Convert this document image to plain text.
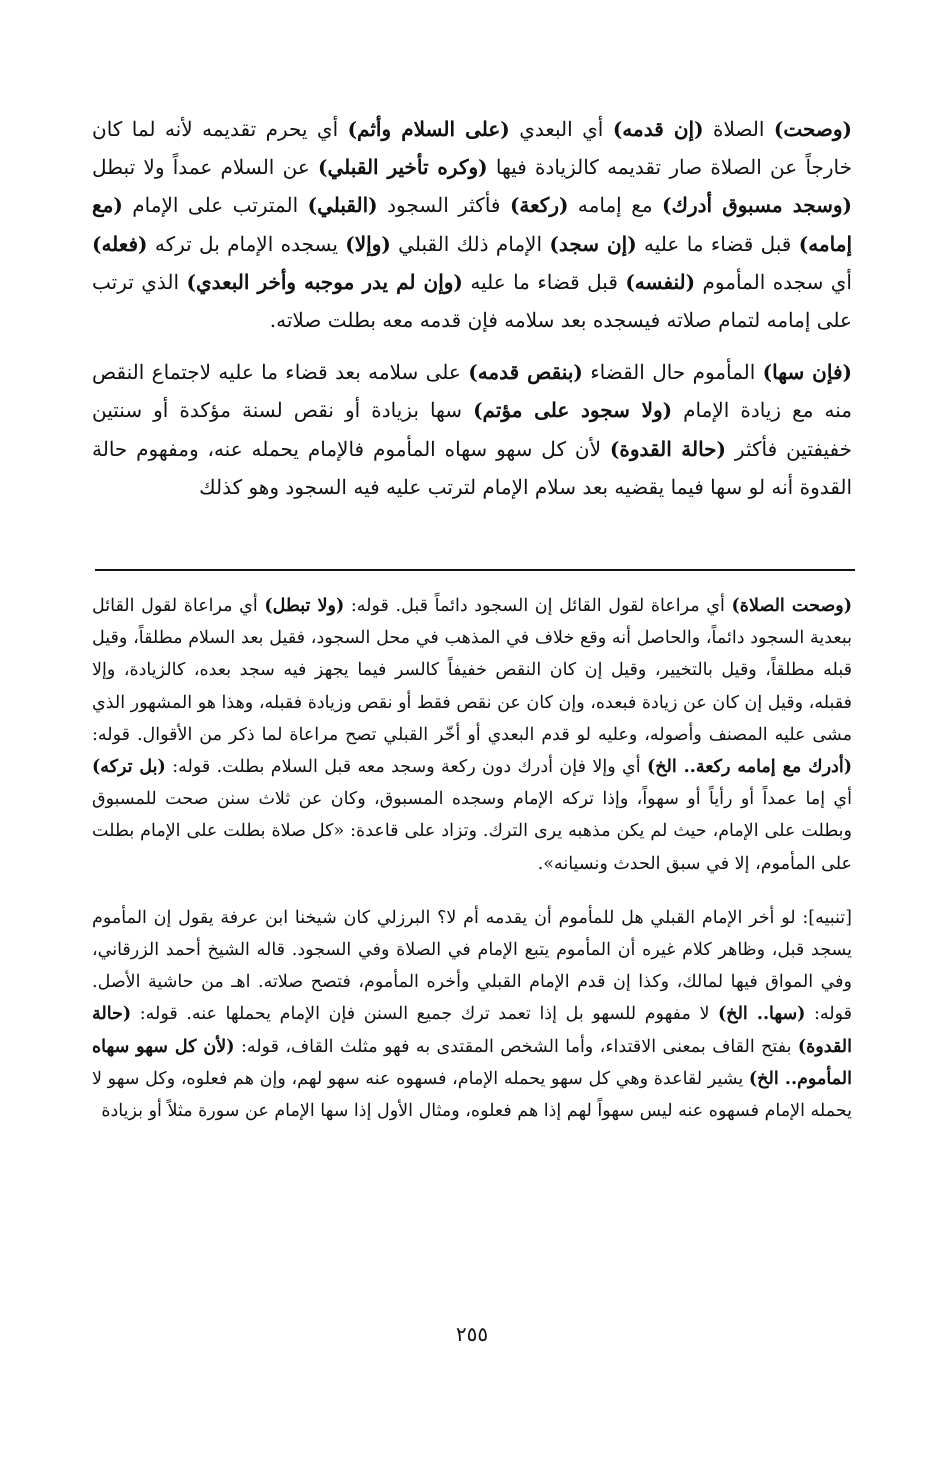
(وصحت) الصلاة (إن قدمه) أي البعدي (على السلام وأثم) أي يحرم تقديمه لأنه لما كان خارجاً عن الصلاة صار تقديمه كالزيادة فيها (وكره تأخير القبلي) عن السلام عمداً ولا تبطل (وسجد مسبوق أدرك) مع إمامه (ركعة) فأكثر السجود (القبلي) المترتب على الإمام (مع إمامه) قبل قضاء ما عليه (إن سجد) الإمام ذلك القبلي (وإلا) يسجده الإمام بل تركه (فعله) أي سجده المأموم (لنفسه) قبل قضاء ما عليه (وإن لم يدر موجبه وأخر البعدي) الذي ترتب على إمامه لتمام صلاته فيسجده بعد سلامه فإن قدمه معه بطلت صلاته.

(فإن سها) المأموم حال القضاء (بنقص قدمه) على سلامه بعد قضاء ما عليه لاجتماع النقص منه مع زيادة الإمام (ولا سجود على مؤتم) سها بزيادة أو نقص لسنة مؤكدة أو سنتين خفيفتين فأكثر (حالة القدوة) لأن كل سهو سهاه المأموم فالإمام يحمله عنه، ومفهوم حالة القدوة أنه لو سها فيما يقضيه بعد سلام الإمام لترتب عليه فيه السجود وهو كذلك

(وصحت الصلاة) أي مراعاة لقول القائل إن السجود دائماً قبل. قوله: (ولا تبطل) أي مراعاة لقول القائل ببعدية السجود دائماً، والحاصل أنه وقع خلاف في المذهب في محل السجود، فقيل بعد السلام مطلقاً، وقيل قبله مطلقاً، وقيل بالتخيير، وقيل إن كان النقص خفيفاً كالسر فيما يجهز فيه سجد بعده، كالزيادة، وإلا فقبله، وقيل إن كان عن زيادة فبعده، وإن كان عن نقص فقط أو نقص وزيادة فقبله، وهذا هو المشهور الذي مشى عليه المصنف وأصوله، وعليه لو قدم البعدي أو أخّر القبلي تصح مراعاة لما ذكر من الأقوال. قوله: (أدرك مع إمامه ركعة.. الخ) أي وإلا فإن أدرك دون ركعة وسجد معه قبل السلام بطلت. قوله: (بل تركه) أي إما عمداً أو رأياً أو سهواً، وإذا تركه الإمام وسجده المسبوق، وكان عن ثلاث سنن صحت للمسبوق وبطلت على الإمام، حيث لم يكن مذهبه يرى الترك. وتزاد على قاعدة: «كل صلاة بطلت على الإمام بطلت على المأموم، إلا في سبق الحدث ونسيانه».

[تنبيه]: لو أخر الإمام القبلي هل للمأموم أن يقدمه أم لا؟ البرزلي كان شيخنا ابن عرفة يقول إن المأموم يسجد قبل، وظاهر كلام غيره أن المأموم يتبع الإمام في الصلاة وفي السجود. قاله الشيخ أحمد الزرقاني، وفي المواق فيها لمالك، وكذا إن قدم الإمام القبلي وأخره المأموم، فتصح صلاته. اهـ من حاشية الأصل. قوله: (سها.. الخ) لا مفهوم للسهو بل إذا تعمد ترك جميع السنن فإن الإمام يحملها عنه. قوله: (حالة القدوة) بفتح القاف بمعنى الاقتداء، وأما الشخص المقتدى به فهو مثلث القاف، قوله: (لأن كل سهو سهاه المأموم.. الخ) يشير لقاعدة وهي كل سهو يحمله الإمام، فسهوه عنه سهو لهم، وإن هم فعلوه، وكل سهو لا يحمله الإمام فسهوه عنه ليس سهواً لهم إذا هم فعلوه، ومثال الأول إذا سها الإمام عن سورة مثلاً أو بزيادة

٢٥٥
